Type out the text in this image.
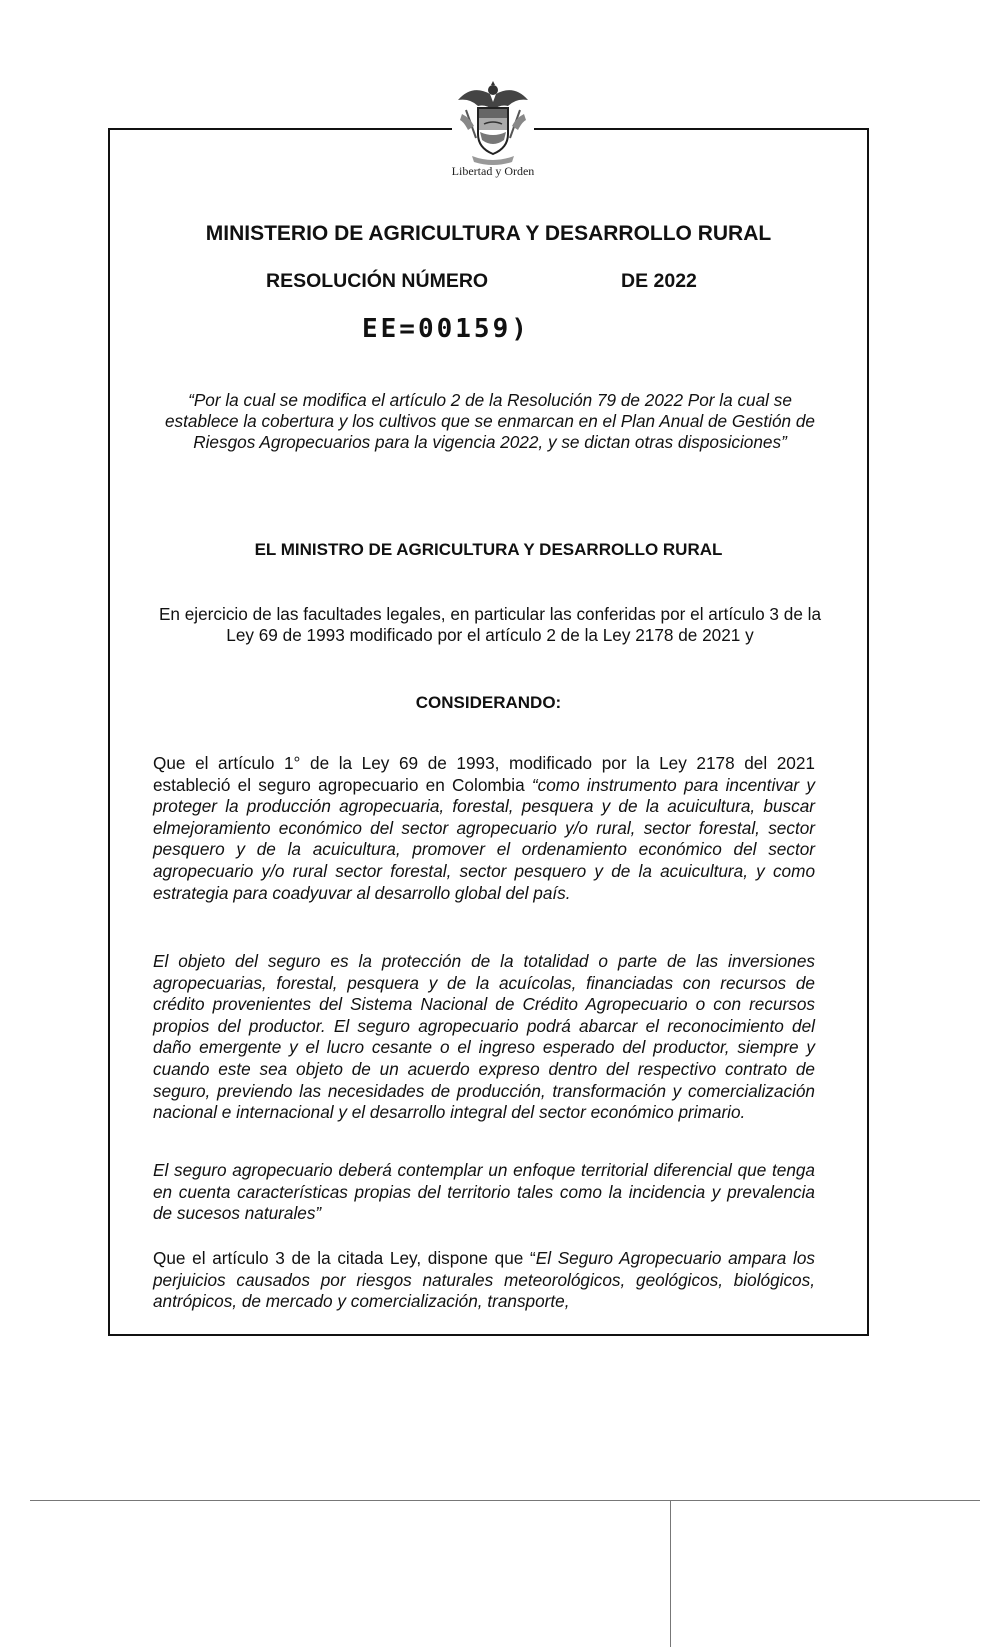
Libertad y Orden
MINISTERIO DE AGRICULTURA Y DESARROLLO RURAL
RESOLUCIÓN NÚMERO	DE 2022
EE=00159)
“Por la cual se modifica el artículo 2 de la Resolución 79 de 2022 Por la cual se establece la cobertura y los cultivos que se enmarcan en el Plan Anual de Gestión de Riesgos Agropecuarios para la vigencia 2022, y se dictan otras disposiciones”
EL MINISTRO DE AGRICULTURA Y DESARROLLO RURAL
En ejercicio de las facultades legales, en particular las conferidas por el artículo 3 de la Ley 69 de 1993 modificado por el artículo 2 de la Ley 2178 de 2021 y
CONSIDERANDO:

Que el artículo 1° de la Ley 69 de 1993, modificado por la Ley 2178 del 2021 estableció el seguro agropecuario en Colombia “como instrumento para incentivar y proteger la producción agropecuaria, forestal, pesquera y de la acuicultura, buscar elmejoramiento económico del sector agropecuario y/o rural, sector forestal, sector pesquero y de la acuicultura, promover el ordenamiento económico del sector agropecuario y/o rural sector forestal, sector pesquero y de la acuicultura, y como estrategia para coadyuvar al desarrollo global del país.

El objeto del seguro es la protección de la totalidad o parte de las inversiones agropecuarias, forestal, pesquera y de la acuícolas, financiadas con recursos de crédito provenientes del Sistema Nacional de Crédito Agropecuario o con recursos propios del productor. El seguro agropecuario podrá abarcar el reconocimiento del daño emergente y el lucro cesante o el ingreso esperado del productor, siempre y cuando este sea objeto de un acuerdo expreso dentro del respectivo contrato de seguro, previendo las necesidades de producción, transformación y comercialización nacional e internacional y el desarrollo integral del sector económico primario.

El seguro agropecuario deberá contemplar un enfoque territorial diferencial que tenga en cuenta características propias del territorio tales como la incidencia y prevalencia de sucesos naturales”

Que el artículo 3 de la citada Ley, dispone que “El Seguro Agropecuario ampara los perjuicios causados por riesgos naturales meteorológicos, geológicos, biológicos, antrópicos, de mercado y comercialización, transporte,
